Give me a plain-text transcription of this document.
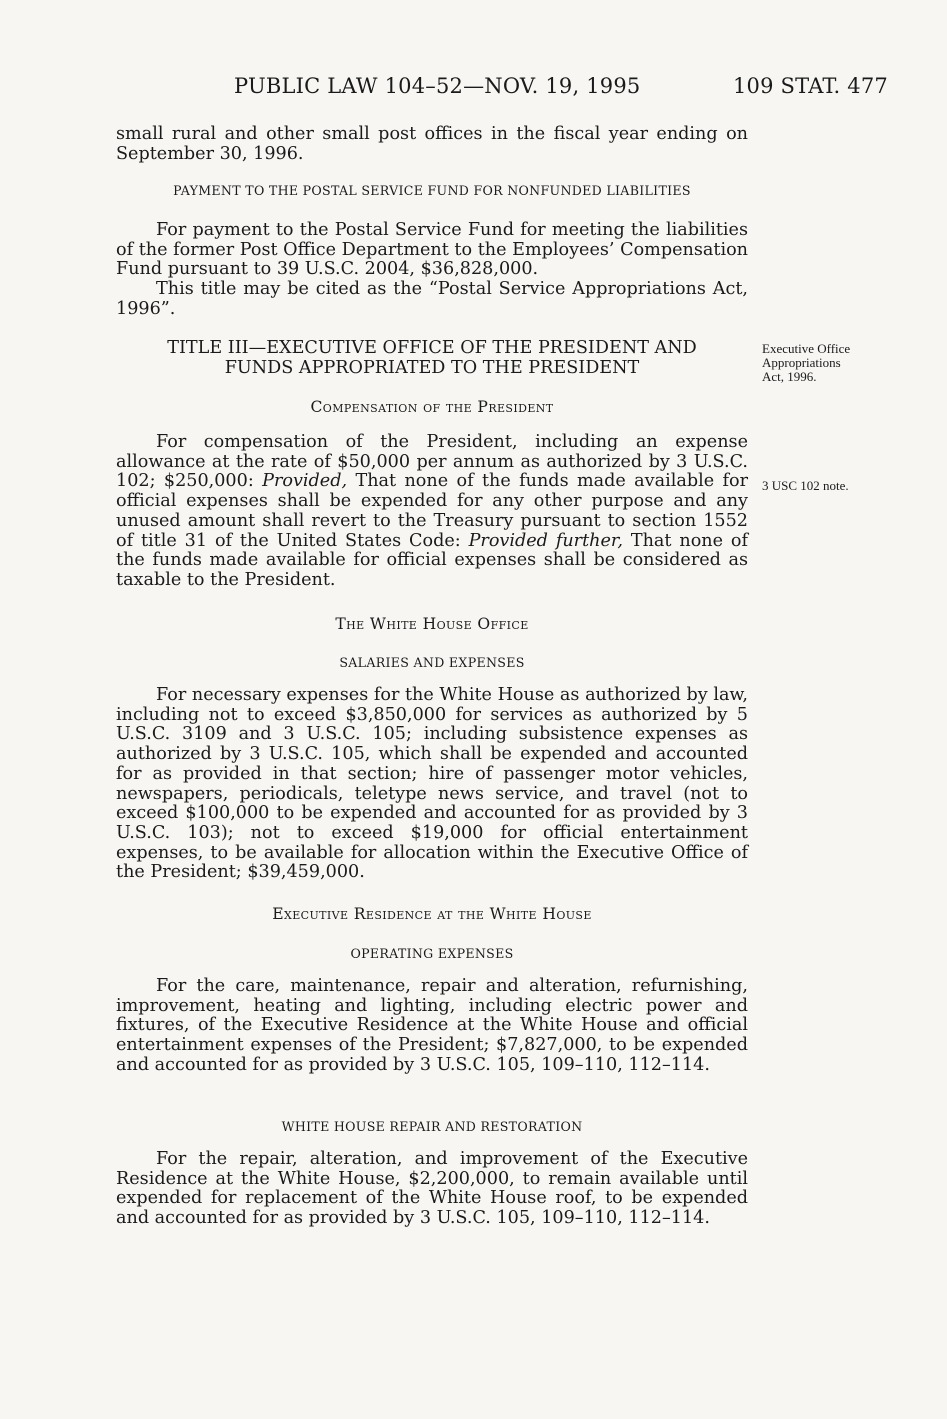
PUBLIC LAW 104–52—NOV. 19, 1995	109 STAT. 477

small rural and other small post offices in the fiscal year ending on September 30, 1996.

PAYMENT TO THE POSTAL SERVICE FUND FOR NONFUNDED LIABILITIES

For payment to the Postal Service Fund for meeting the liabilities of the former Post Office Department to the Employees’ Compensation Fund pursuant to 39 U.S.C. 2004, $36,828,000.

This title may be cited as the “Postal Service Appropriations Act, 1996”.

TITLE III—EXECUTIVE OFFICE OF THE PRESIDENT AND
FUNDS APPROPRIATED TO THE PRESIDENT
Executive Office
Appropriations
Act, 1996.
Compensation of the President

For compensation of the President, including an expense allowance at the rate of $50,000 per annum as authorized by 3 U.S.C. 102; $250,000: Provided, That none of the funds made available for official expenses shall be expended for any other purpose and any unused amount shall revert to the Treasury pursuant to section 1552 of title 31 of the United States Code: Provided further, That none of the funds made available for official expenses shall be considered as taxable to the President.

3 USC 102 note.
The White House Office
SALARIES AND EXPENSES

For necessary expenses for the White House as authorized by law, including not to exceed $3,850,000 for services as authorized by 5 U.S.C. 3109 and 3 U.S.C. 105; including subsistence expenses as authorized by 3 U.S.C. 105, which shall be expended and accounted for as provided in that section; hire of passenger motor vehicles, newspapers, periodicals, teletype news service, and travel (not to exceed $100,000 to be expended and accounted for as provided by 3 U.S.C. 103); not to exceed $19,000 for official entertainment expenses, to be available for allocation within the Executive Office of the President; $39,459,000.

Executive Residence at the White House
OPERATING EXPENSES

For the care, maintenance, repair and alteration, refurnishing, improvement, heating and lighting, including electric power and fixtures, of the Executive Residence at the White House and official entertainment expenses of the President; $7,827,000, to be expended and accounted for as provided by 3 U.S.C. 105, 109–110, 112–114.

WHITE HOUSE REPAIR AND RESTORATION

For the repair, alteration, and improvement of the Executive Residence at the White House, $2,200,000, to remain available until expended for replacement of the White House roof, to be expended and accounted for as provided by 3 U.S.C. 105, 109–110, 112–114.
